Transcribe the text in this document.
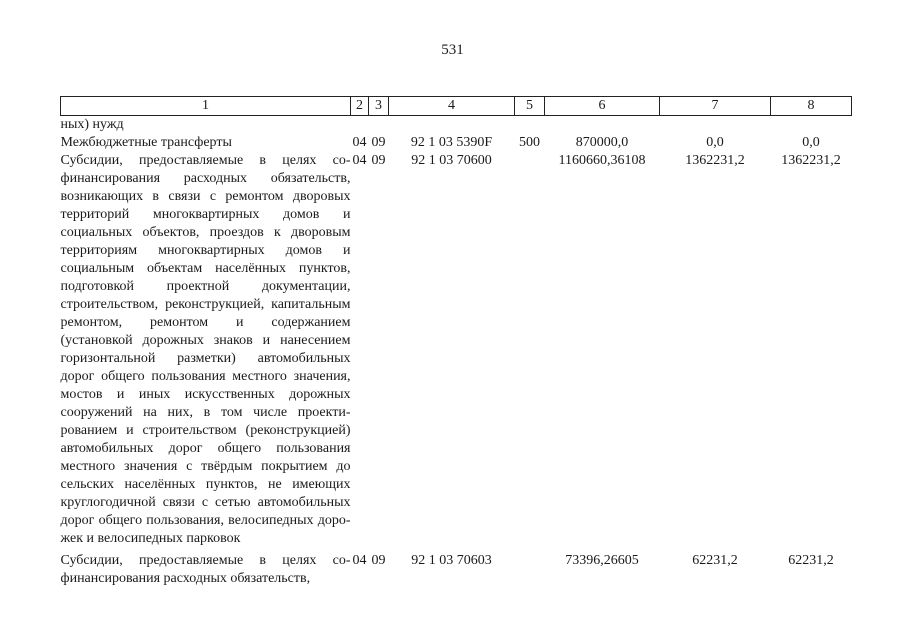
531
1	2	3	4	5	6	7	8
ных) нужд							
Межбюджетные трансферты	04	09	92 1 03 5390F	500	870000,0	0,0	0,0
Субсидии, предоставляемые в целях софинансирования расходных обязательств, возникающих в связи с ремонтом дворовых территорий многоквартирных домов и социальных объектов, проездов к дворовым территориям многоквартирных домов и социальным объектам населённых пунктов, подготовкой проектной документации, строительством, реконструкцией, капитальным ремонтом, ремонтом и содержанием (установкой дорожных знаков и нанесением горизонтальной разметки) автомобильных дорог общего пользования местного значения, мостов и иных искусственных дорожных сооружений на них, в том числе проектированием и строительством (реконструкцией) автомобильных дорог общего пользования местного значения с твёрдым покрытием до сельских населённых пунктов, не имеющих круглогодичной связи с сетью автомобильных дорог общего пользования, велосипедных дорожек и велосипедных парковок	04	09	92 1 03 70600		1160660,36108	1362231,2	1362231,2
Субсидии, предоставляемые в целях софинансирования расходных обязательств,	04	09	92 1 03 70603		73396,26605	62231,2	62231,2
